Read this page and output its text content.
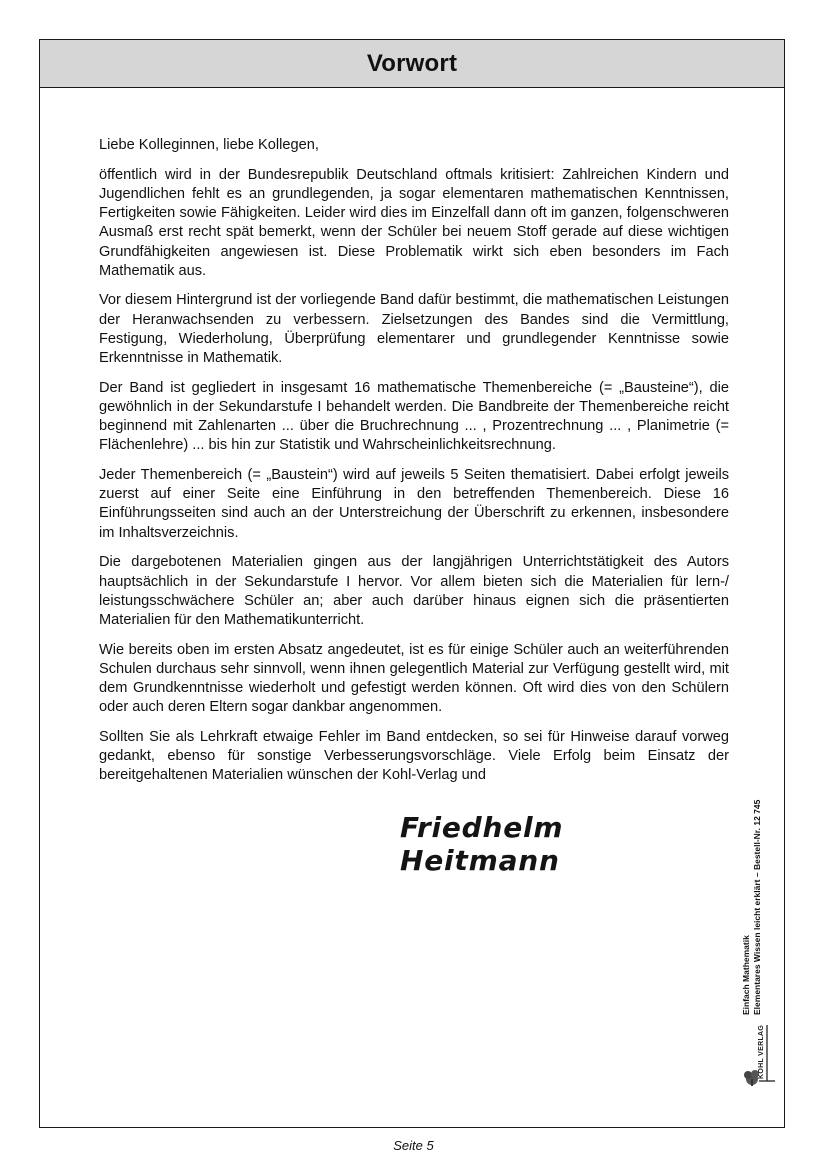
Vorwort

Liebe Kolleginnen, liebe Kollegen,

öffentlich wird in der Bundesrepublik Deutschland oftmals kritisiert: Zahlreichen Kindern und Jugendlichen fehlt es an grundlegenden, ja sogar elementaren mathematischen Kenntnissen, Fertigkeiten sowie Fähigkeiten. Leider wird dies im Einzelfall dann oft im ganzen, folgenschweren Ausmaß erst recht spät bemerkt, wenn der Schüler bei neuem Stoff gerade auf diese wichtigen Grundfähigkeiten angewiesen ist. Diese Problematik wirkt sich eben besonders im Fach Mathematik aus.

Vor diesem Hintergrund ist der vorliegende Band dafür bestimmt, die mathematischen Leistungen der Heranwachsenden zu verbessern. Zielsetzungen des Bandes sind die Vermittlung, Festigung, Wiederholung, Überprüfung elementarer und grundlegender Kenntnisse sowie Erkenntnisse in Mathematik.

Der Band ist gegliedert in insgesamt 16 mathematische Themenbereiche (= „Bausteine“), die gewöhnlich in der Sekundarstufe I behandelt werden. Die Bandbreite der Themenbereiche reicht beginnend mit Zahlenarten ... über die Bruchrechnung ... , Prozentrechnung ... , Planimetrie (= Flächenlehre) ... bis hin zur Statistik und Wahrscheinlichkeitsrechnung.

Jeder Themenbereich (= „Baustein“) wird auf jeweils 5 Seiten thematisiert. Dabei erfolgt jeweils zuerst auf einer Seite eine Einführung in den betreffenden Themenbereich. Diese 16 Einführungsseiten sind auch an der Unterstreichung der Überschrift zu erkennen, insbesondere im Inhaltsverzeichnis.

Die dargebotenen Materialien gingen aus der langjährigen Unterrichtstätigkeit des Autors hauptsächlich in der Sekundarstufe I hervor. Vor allem bieten sich die Materialien für lern-/ leistungsschwächere Schüler an; aber auch darüber hinaus eignen sich die präsentierten Materialien für den Mathematikunterricht.

Wie bereits oben im ersten Absatz angedeutet, ist es für einige Schüler auch an weiterführenden Schulen durchaus sehr sinnvoll, wenn ihnen gelegentlich Material zur Verfügung gestellt wird, mit dem Grundkenntnisse wiederholt und gefestigt werden können. Oft wird dies von den Schülern oder auch deren Eltern sogar dankbar angenommen.

Sollten Sie als Lehrkraft etwaige Fehler im Band entdecken, so sei für Hinweise darauf vorweg gedankt, ebenso für sonstige Verbesserungsvorschläge. Viele Erfolg beim Einsatz der bereitgehaltenen Materialien wünschen der Kohl-Verlag und

Friedhelm Heitmann
Einfach Mathematik Elementares Wissen leicht erklärt – Bestell-Nr. 12 745
KOHL VERLAG
Seite 5
